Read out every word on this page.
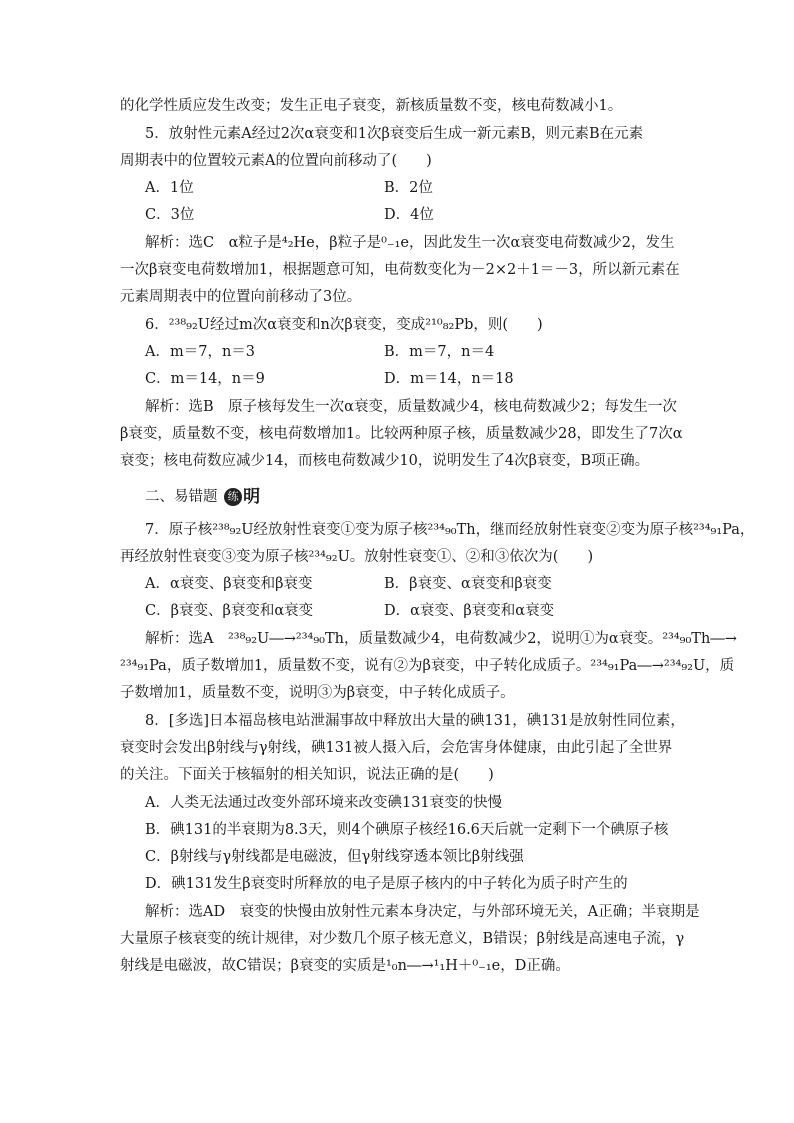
的化学性质应发生改变；发生正电子衰变，新核质量数不变，核电荷数减小1。
5．放射性元素A经过2次α衰变和1次β衰变后生成一新元素B，则元素B在元素
周期表中的位置较元素A的位置向前移动了(　　)
A．1位	B．2位
C．3位	D．4位
解析：选C　α粒子是⁴₂He，β粒子是⁰₋₁e，因此发生一次α衰变电荷数减少2，发生
一次β衰变电荷数增加1，根据题意可知，电荷数变化为－2×2＋1＝－3，所以新元素在
元素周期表中的位置向前移动了3位。
6．²³⁸₉₂U经过m次α衰变和n次β衰变，变成²¹⁰₈₂Pb，则(　　)
A．m＝7，n＝3	B．m＝7，n＝4
C．m＝14，n＝9	D．m＝14，n＝18
解析：选B　原子核每发生一次α衰变，质量数减少4，核电荷数减少2；每发生一次
β衰变，质量数不变，核电荷数增加1。比较两种原子核，质量数减少28，即发生了7次α
衰变；核电荷数应减少14，而核电荷数减少10，说明发生了4次β衰变，B项正确。
二、易错题 练 明
7．原子核²³⁸₉₂U经放射性衰变①变为原子核²³⁴₉₀Th，继而经放射性衰变②变为原子核²³⁴₉₁Pa，
再经放射性衰变③变为原子核²³⁴₉₂U。放射性衰变①、②和③依次为(　　)
A．α衰变、β衰变和β衰变	B．β衰变、α衰变和β衰变
C．β衰变、β衰变和α衰变	D．α衰变、β衰变和α衰变
解析：选A　²³⁸₉₂U―→²³⁴₉₀Th，质量数减少4，电荷数减少2，说明①为α衰变。²³⁴₉₀Th―→
²³⁴₉₁Pa，质子数增加1，质量数不变，说有②为β衰变，中子转化成质子。²³⁴₉₁Pa―→²³⁴₉₂U，质
子数增加1，质量数不变，说明③为β衰变，中子转化成质子。
8．[多选]日本福岛核电站泄漏事故中释放出大量的碘131，碘131是放射性同位素，
衰变时会发出β射线与γ射线，碘131被人摄入后，会危害身体健康，由此引起了全世界
的关注。下面关于核辐射的相关知识，说法正确的是(　　)
A．人类无法通过改变外部环境来改变碘131衰变的快慢
B．碘131的半衰期为8.3天，则4个碘原子核经16.6天后就一定剩下一个碘原子核
C．β射线与γ射线都是电磁波，但γ射线穿透本领比β射线强
D．碘131发生β衰变时所释放的电子是原子核内的中子转化为质子时产生的
解析：选AD　衰变的快慢由放射性元素本身决定，与外部环境无关，A正确；半衰期是
大量原子核衰变的统计规律，对少数几个原子核无意义，B错误；β射线是高速电子流，γ
射线是电磁波，故C错误；β衰变的实质是¹₀n―→¹₁H＋⁰₋₁e，D正确。
